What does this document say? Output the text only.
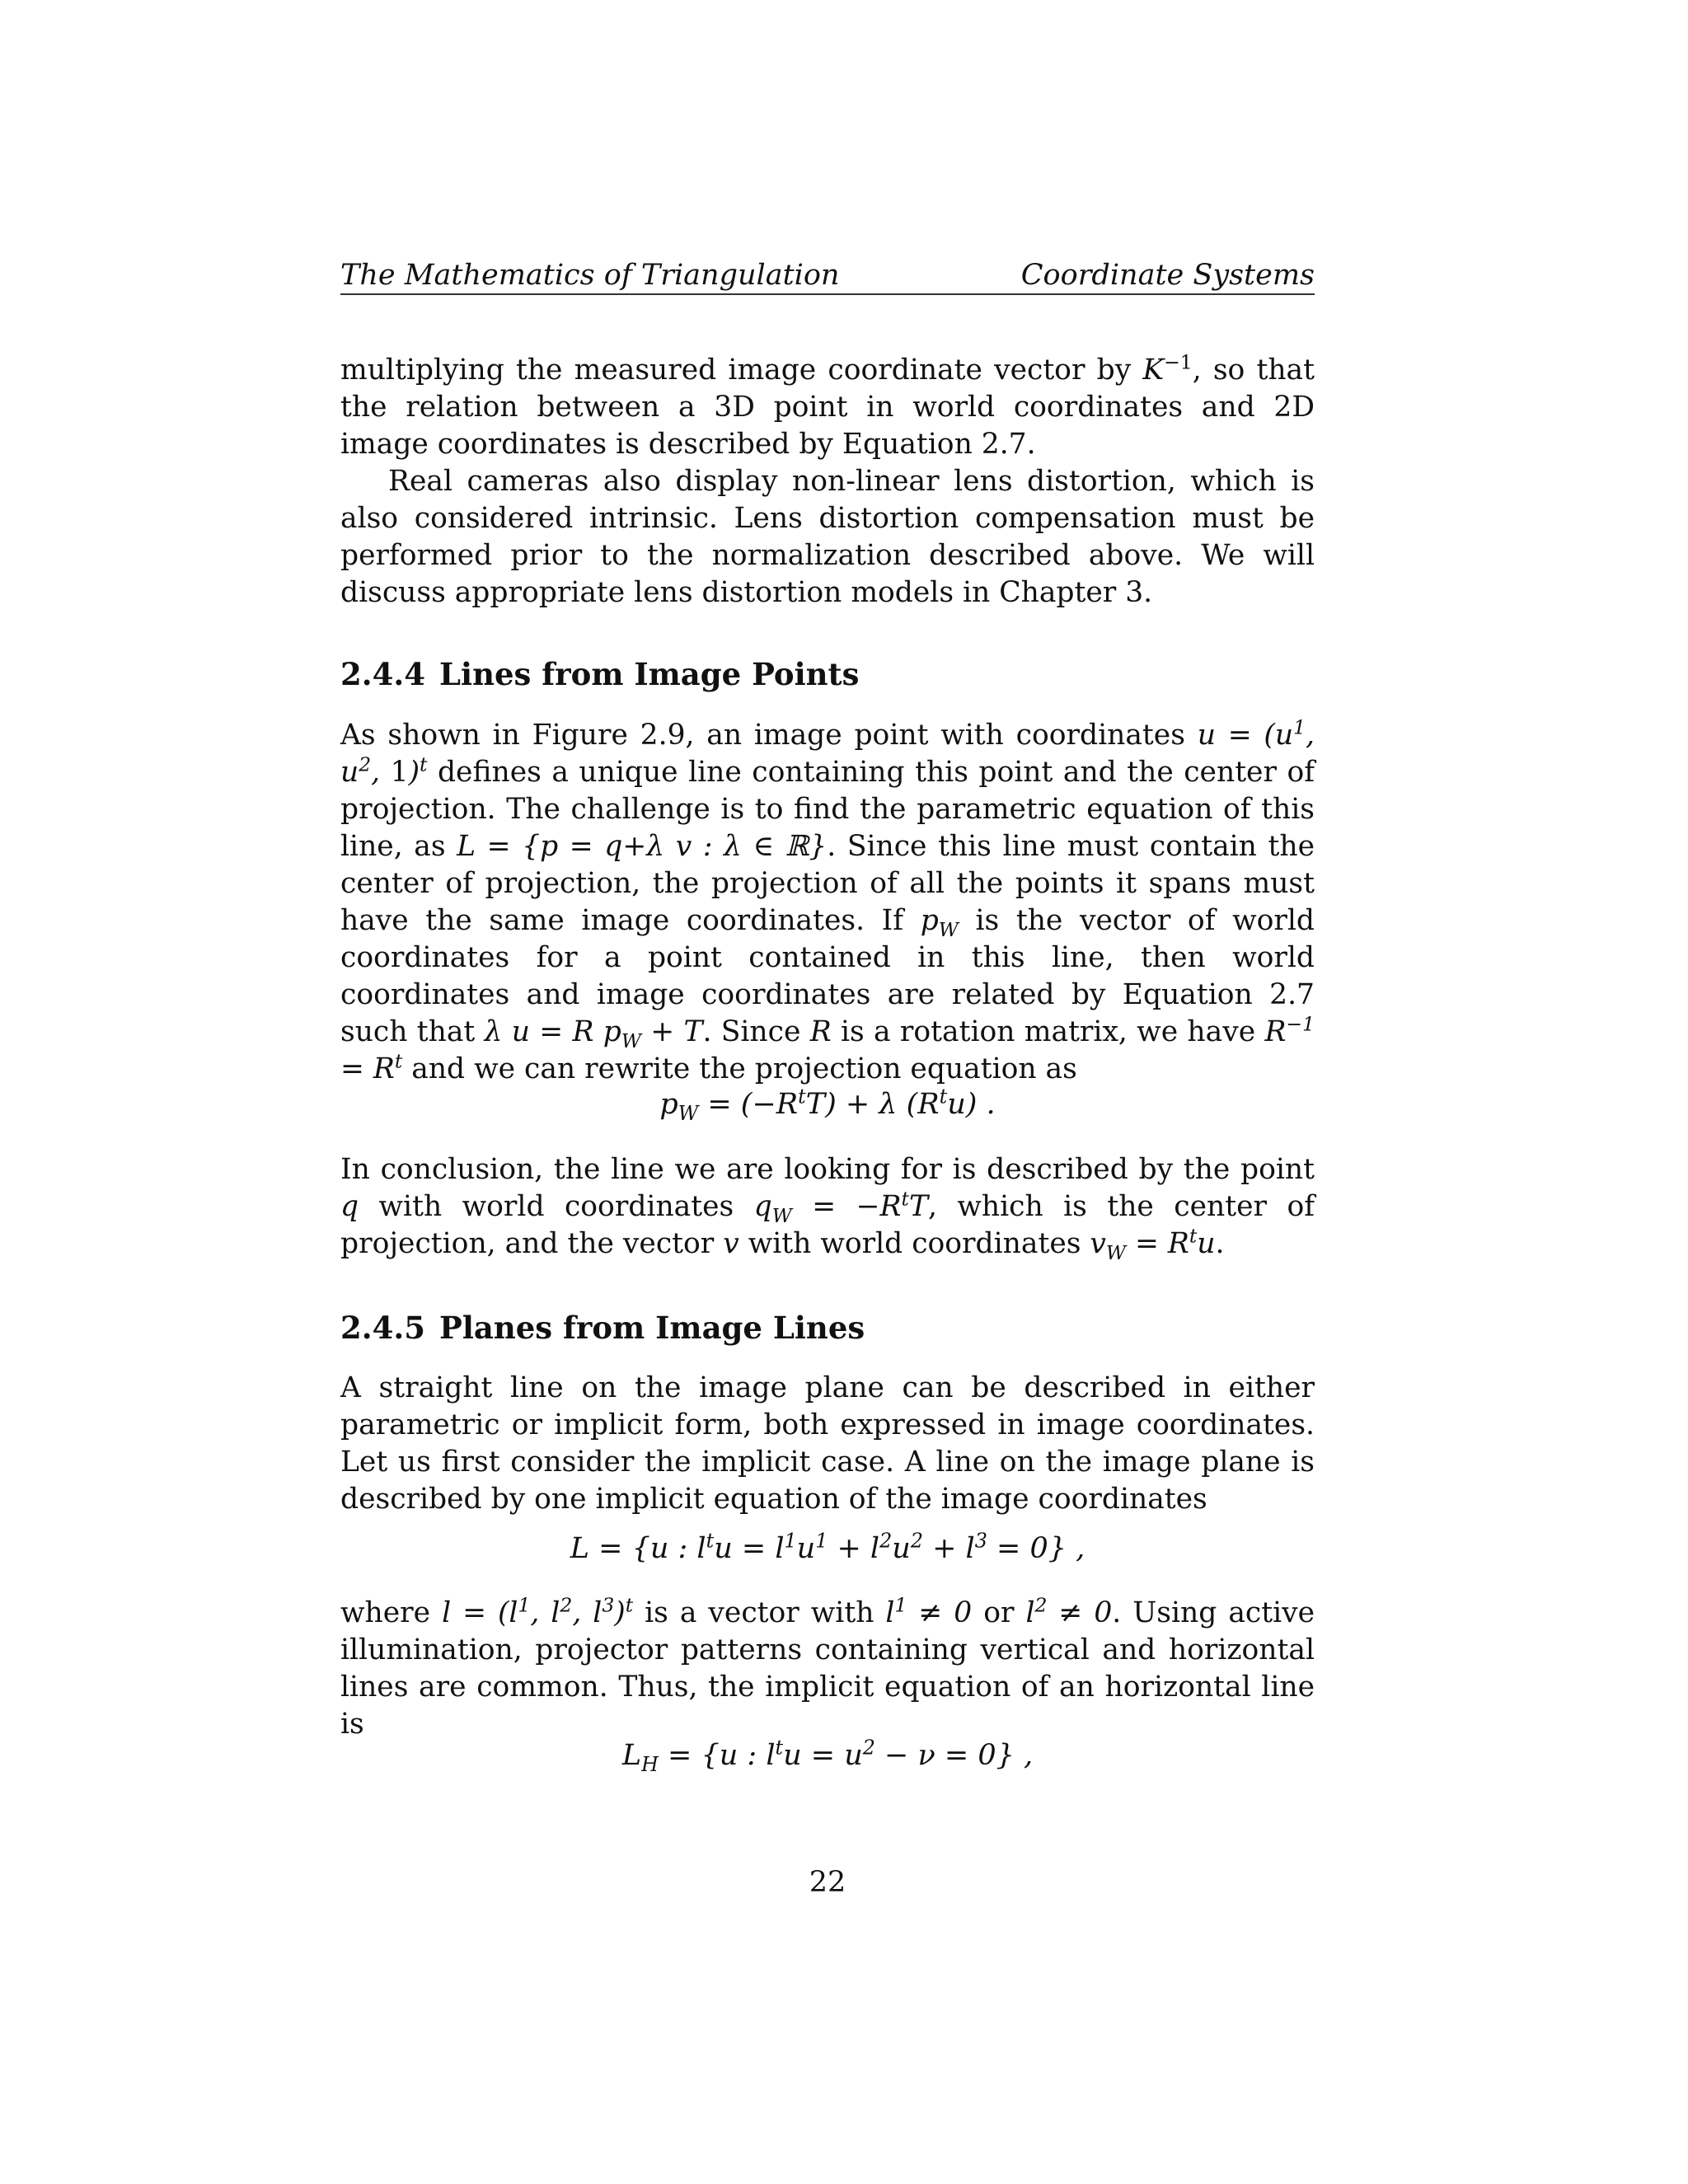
The Mathematics of Triangulation	Coordinate Systems

multiplying the measured image coordinate vector by $K^{-1}$, so that the relation between a 3D point in world coordinates and 2D image coordinates is described by Equation 2.7.

Real cameras also display non-linear lens distortion, which is also considered intrinsic. Lens distortion compensation must be performed prior to the normalization described above. We will discuss appropriate lens distortion models in Chapter 3.

2.4.4 Lines from Image Points

As shown in Figure 2.9, an image point with coordinates $u = (u^1$, $u^2$, 1)$^t$ defines a unique line containing this point and the center of projection. The challenge is to find the parametric equation of this line, as L = {p = q+λ v : λ ∈ ℝ}. Since this line must contain the center of projection, the projection of all the points it spans must have the same image coordinates. If $p_W$ is the vector of world coordinates for a point contained in this line, then world coordinates and image coordinates are related by Equation 2.7 such that λ u = R $p_W + T$. Since R is a rotation matrix, we have $R^{-1} = R^t$ and we can rewrite the projection equation as

$p_W = (-R^tT) + \lambda$ $(R^tu)$ .

In conclusion, the line we are looking for is described by the point q with world coordinates $q_W = -R^tT$, which is the center of projection, and the vector v with world coordinates $v_W = R^tu$.

2.4.5 Planes from Image Lines

A straight line on the image plane can be described in either parametric or implicit form, both expressed in image coordinates. Let us first consider the implicit case. A line on the image plane is described by one implicit equation of the image coordinates

L = {u : $l^tu = l^1u^1 + l^2u^2 + l^3 = 0$} ,

where $l = (l^1$, $l^2$, $l^3)^t$ is a vector with $l^1 \ne 0$ or $l^2 \ne 0$. Using active illumination, projector patterns containing vertical and horizontal lines are common. Thus, the implicit equation of an horizontal line is

$L_H = \{u$ : $l^tu = u^2 - \nu = 0$} ,
22
